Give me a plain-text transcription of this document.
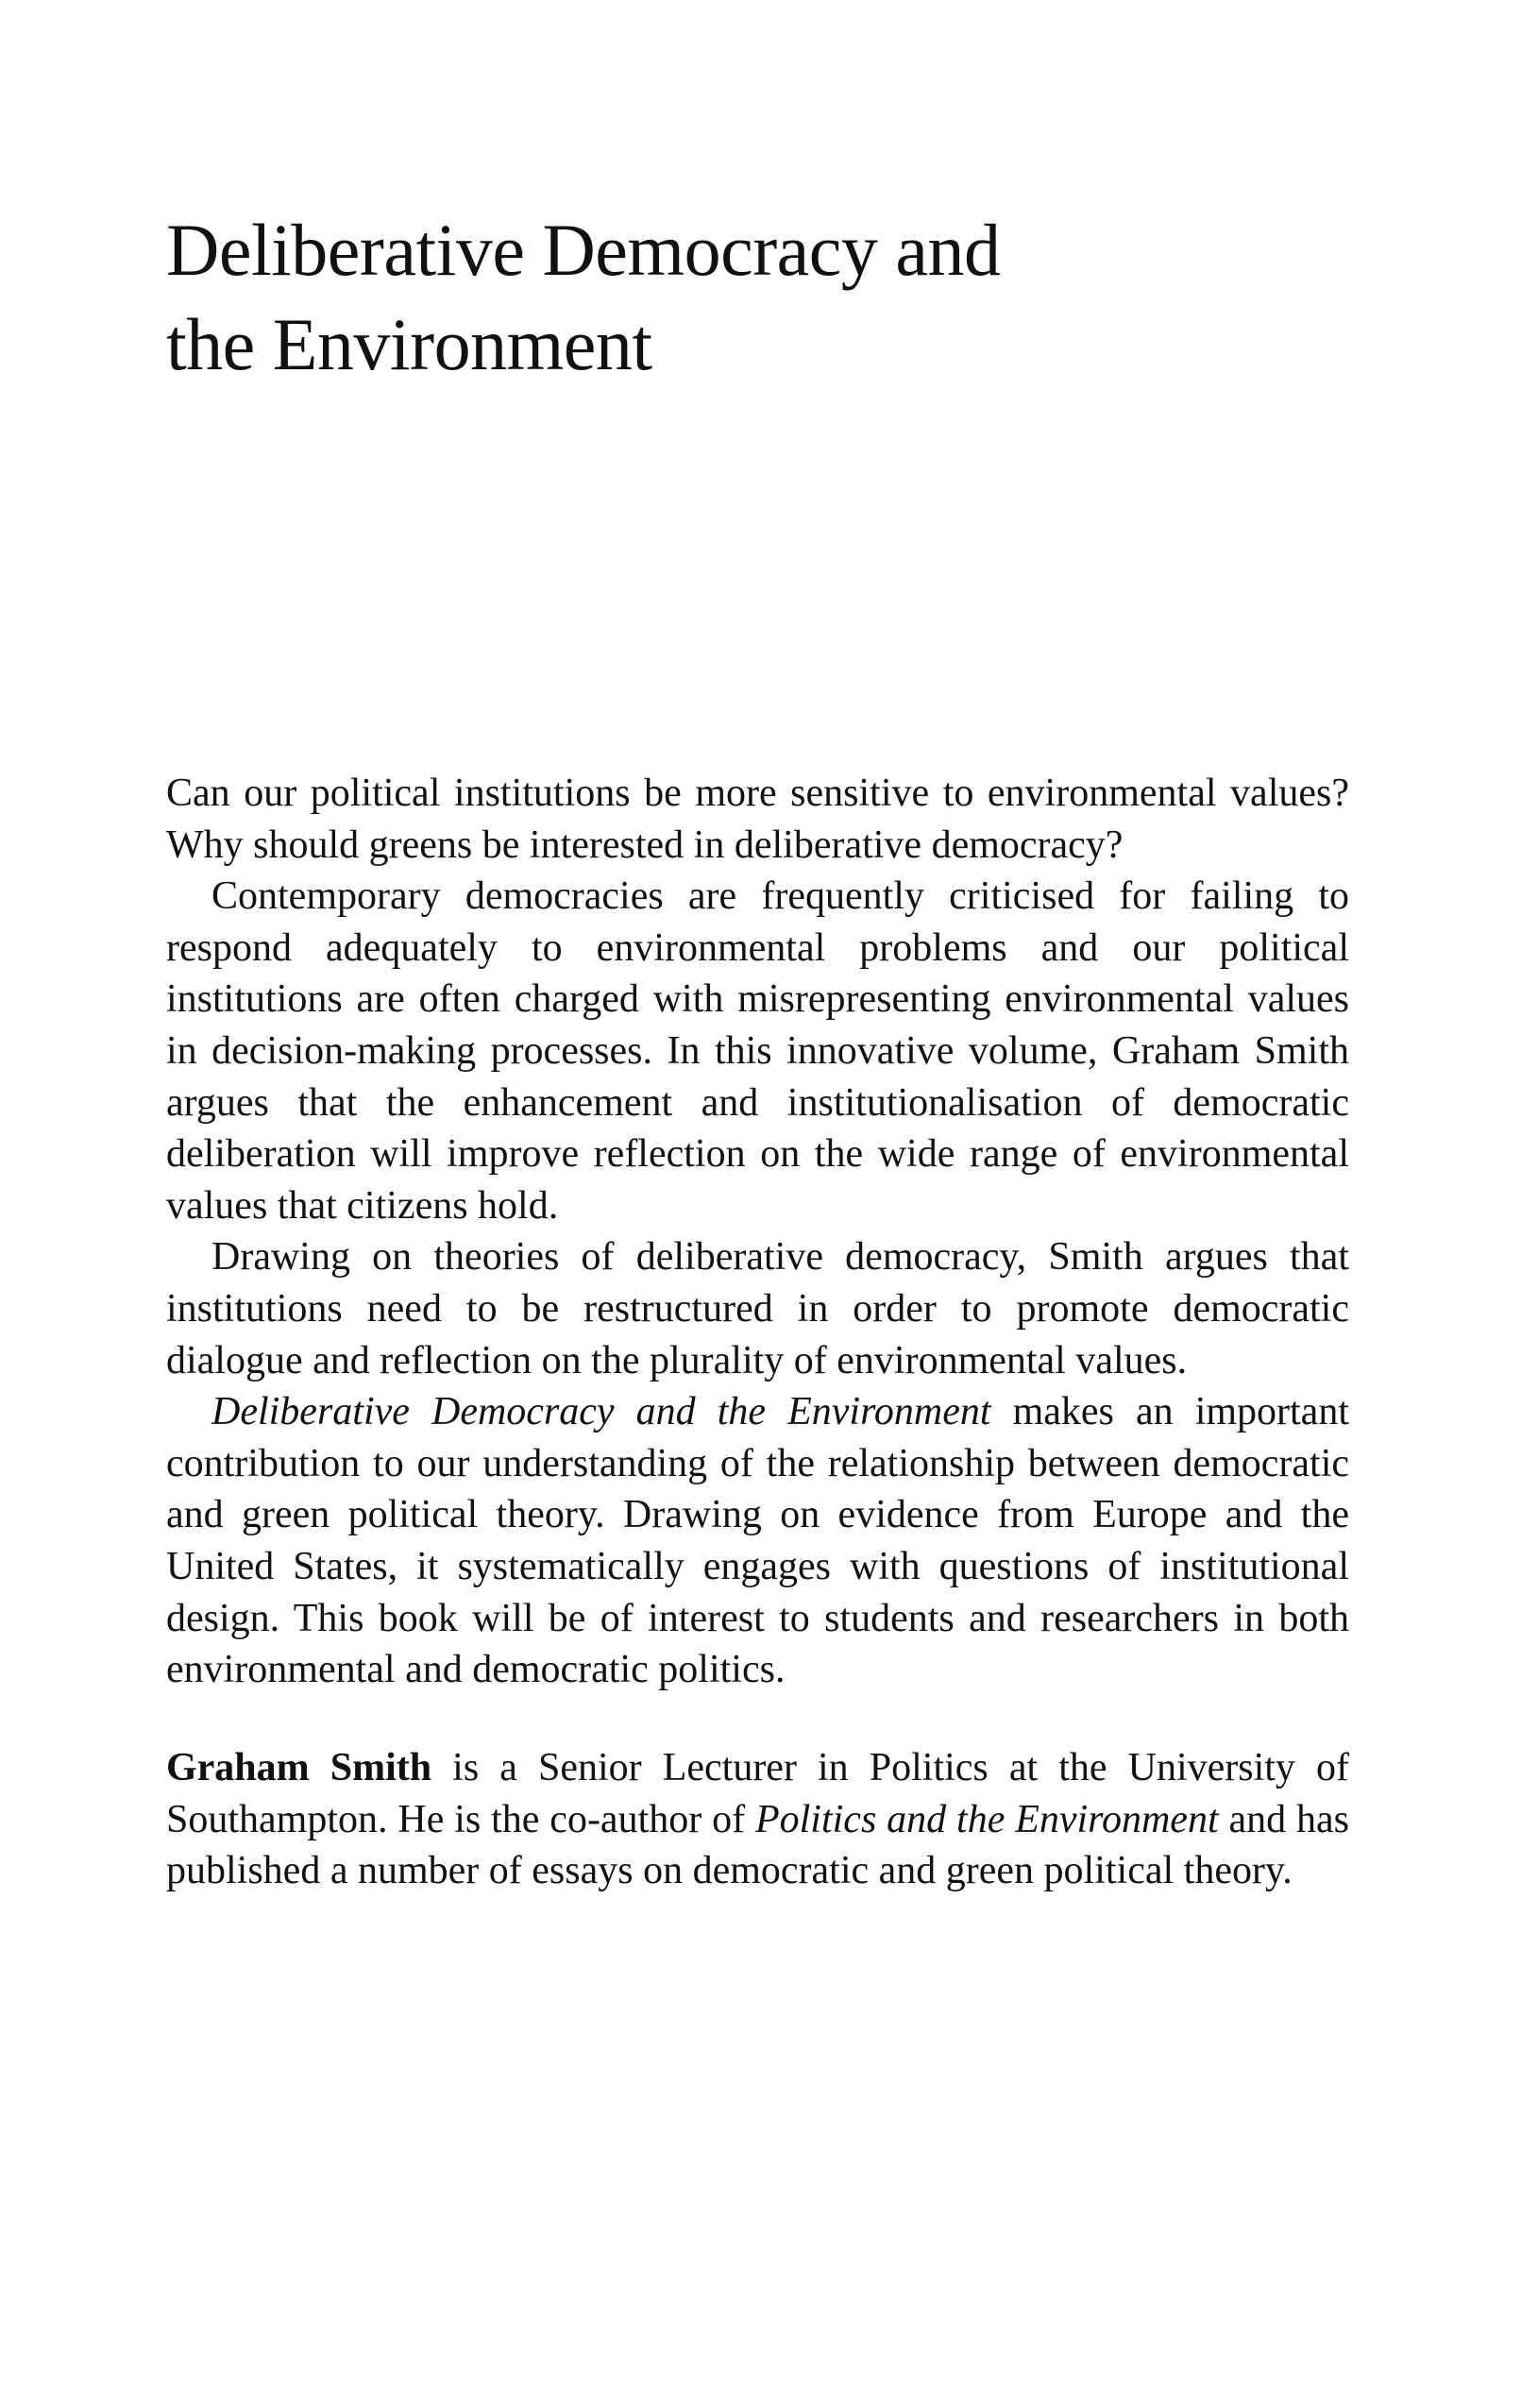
Deliberative Democracy and
the Environment

Can our political institutions be more sensitive to environmental values? Why should greens be interested in deliberative democracy?

Contemporary democracies are frequently criticised for failing to respond adequately to environmental problems and our political institutions are often charged with misrepresenting environmental values in decision-making processes. In this innovative volume, Graham Smith argues that the enhancement and institutionalisation of democratic deliberation will improve reflection on the wide range of environmental values that citizens hold.

Drawing on theories of deliberative democracy, Smith argues that institutions need to be restructured in order to promote democratic dialogue and reflection on the plurality of environmental values.

Deliberative Democracy and the Environment makes an important contribution to our understanding of the relationship between democratic and green political theory. Drawing on evidence from Europe and the United States, it systematically engages with questions of institutional design. This book will be of interest to students and researchers in both environmental and democratic politics.

Graham Smith is a Senior Lecturer in Politics at the University of Southampton. He is the co-author of Politics and the Environment and has published a number of essays on democratic and green political theory.
